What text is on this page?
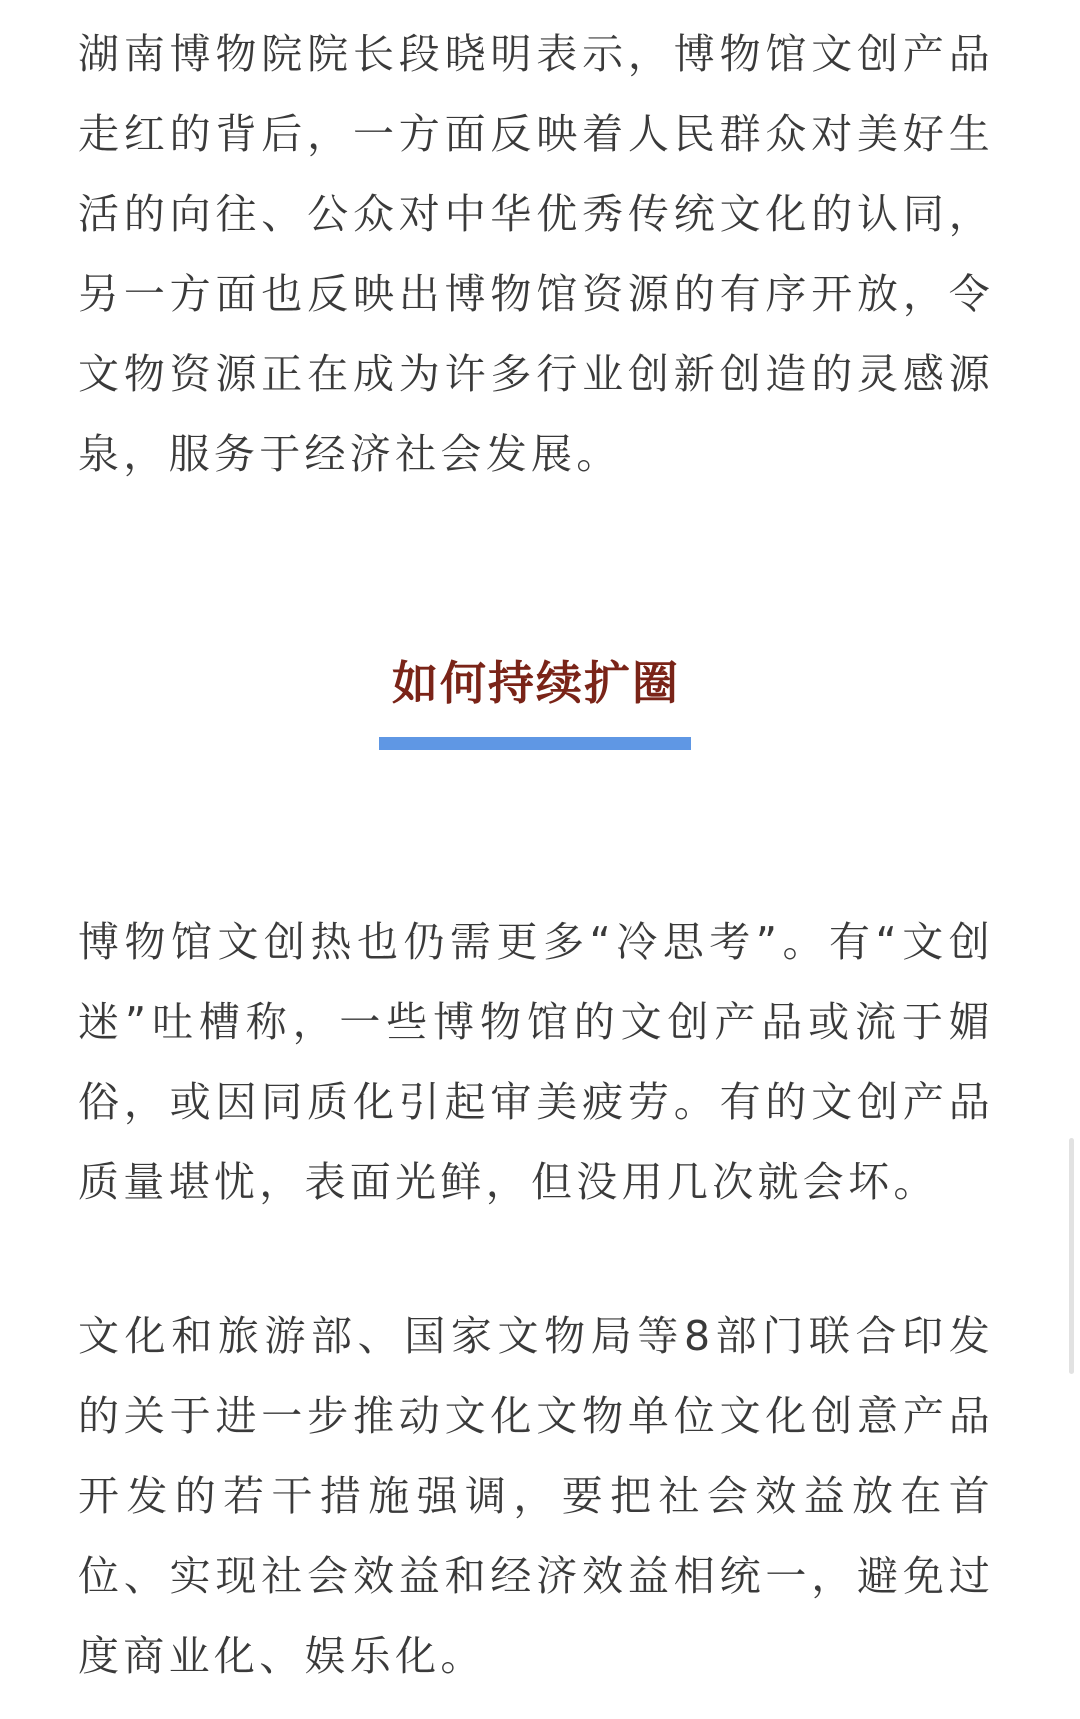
湖南博物院院长段晓明表示，博物馆文创产品走红的背后，一方面反映着人民群众对美好生活的向往、公众对中华优秀传统文化的认同，另一方面也反映出博物馆资源的有序开放，令文物资源正在成为许多行业创新创造的灵感源泉，服务于经济社会发展。

如何持续扩圈

博物馆文创热也仍需更多“冷思考”。有“文创迷”吐槽称，一些博物馆的文创产品或流于媚俗，或因同质化引起审美疲劳。有的文创产品质量堪忧，表面光鲜，但没用几次就会坏。

文化和旅游部、国家文物局等8部门联合印发的关于进一步推动文化文物单位文化创意产品开发的若干措施强调，要把社会效益放在首位、实现社会效益和经济效益相统一，避免过度商业化、娱乐化。
